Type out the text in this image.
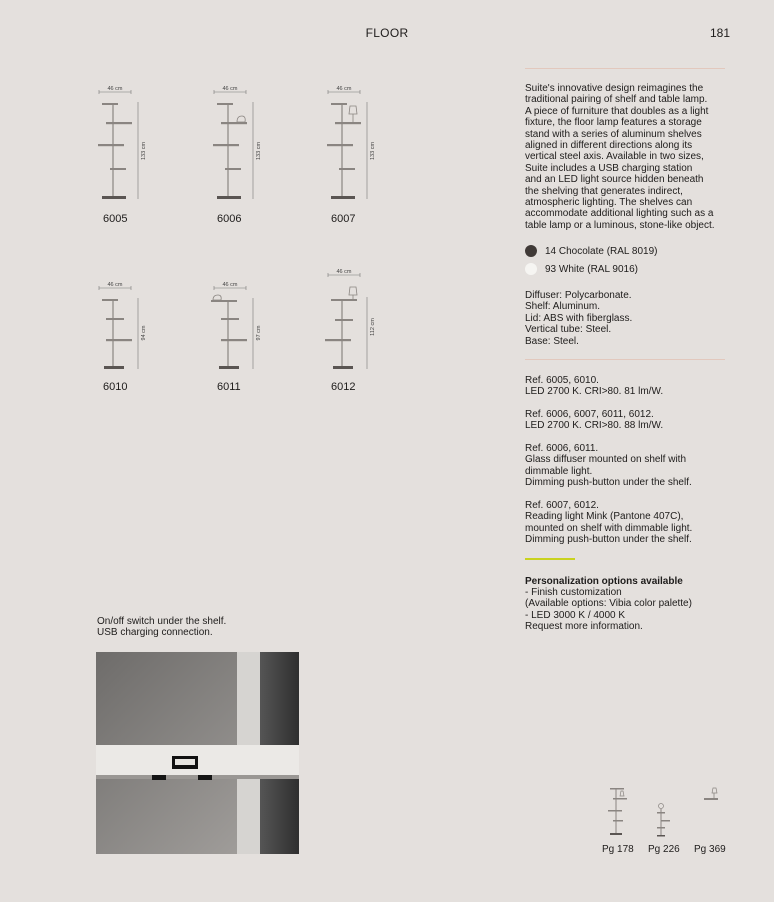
FLOOR	181
Suite's innovative design reimagines the
traditional pairing of shelf and table lamp.
A piece of furniture that doubles as a light
fixture, the floor lamp features a storage
stand with a series of aluminum shelves
aligned in different directions along its
vertical steel axis. Available in two sizes,
Suite includes a USB charging station
and an LED light source hidden beneath
the shelving that generates indirect,
atmospheric lighting. The shelves can
accommodate additional lighting such as a
table lamp or a luminous, stone-like object.
14 Chocolate (RAL 8019)
93 White (RAL 9016)
Diffuser: Polycarbonate.
Shelf: Aluminum.
Lid: ABS with fiberglass.
Vertical tube: Steel.
Base: Steel.
Ref. 6005, 6010.
LED 2700 K. CRI>80. 81 lm/W.
Ref. 6006, 6007, 6011, 6012.
LED 2700 K. CRI>80. 88 lm/W.
Ref. 6006, 6011.
Glass diffuser mounted on shelf with
dimmable light.
Dimming push-button under the shelf.
Ref. 6007, 6012.
Reading light Mink (Pantone 407C),
mounted on shelf with dimmable light.
Dimming push-button under the shelf.
Personalization options available
- Finish customization
(Available options: Vibia color palette)
- LED 3000 K / 4000 K
Request more information.
46 cm
133 cm
6005
46 cm
133 cm
6006
46 cm
133 cm
6007
46 cm
94 cm
6010
46 cm
97 cm
6011
46 cm
112 cm
6012
On/off switch under the shelf.
USB charging connection.
Pg 178 Pg 226 Pg 369
